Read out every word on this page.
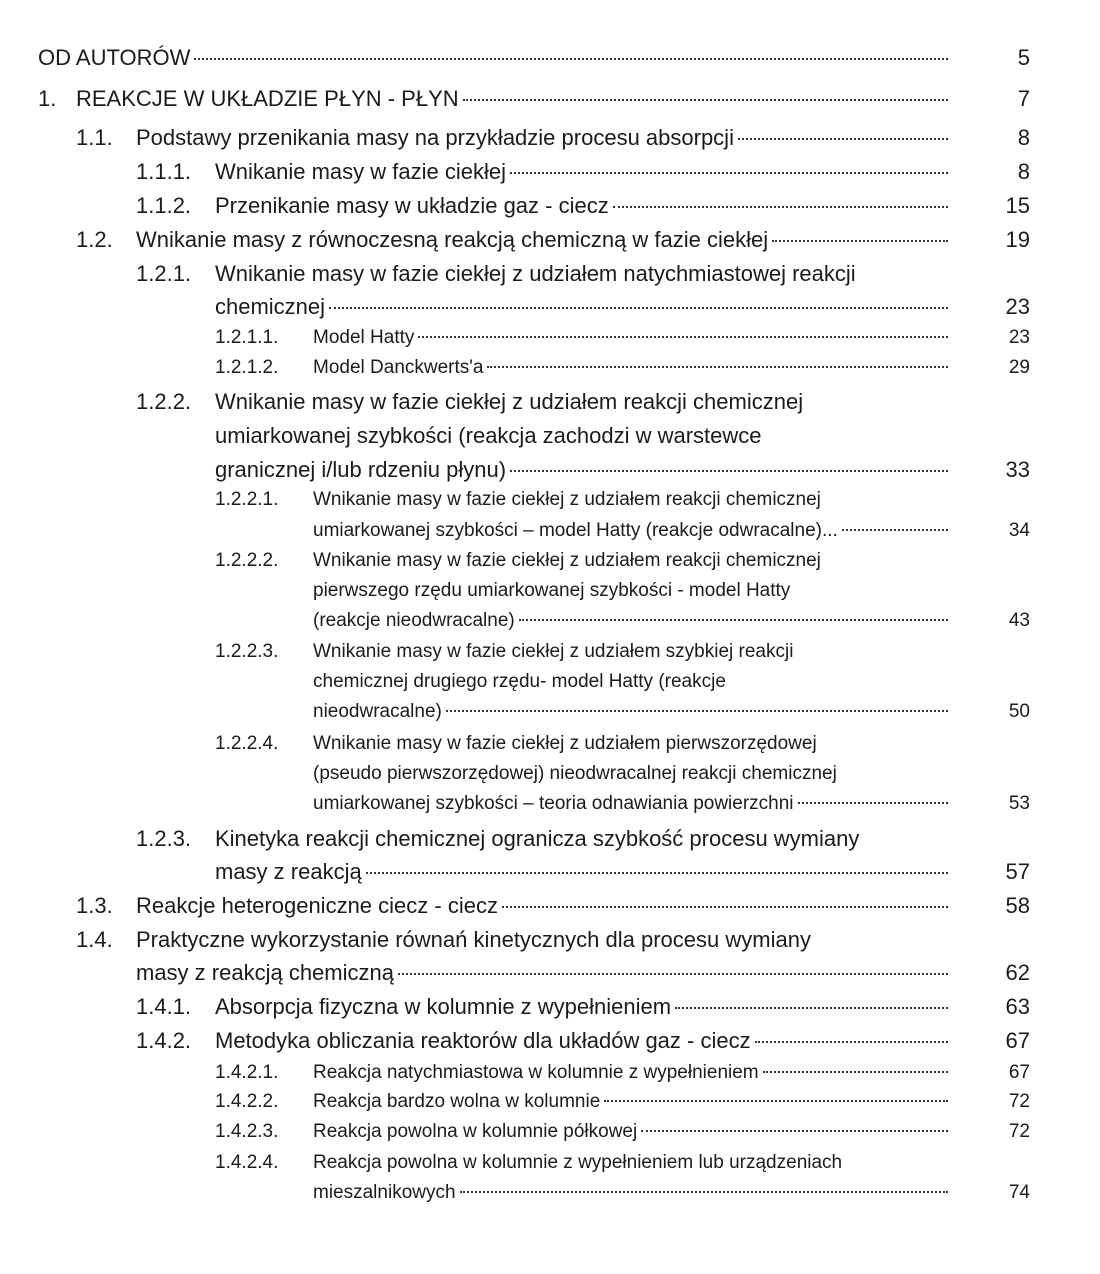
OD AUTORÓW	5
1. REAKCJE W UKŁADZIE PŁYN - PŁYN	7
1.1. Podstawy przenikania masy na przykładzie procesu absorpcji	8
1.1.1. Wnikanie masy w fazie ciekłej	8
1.1.2. Przenikanie masy w układzie gaz - ciecz	15
1.2. Wnikanie masy z równoczesną reakcją chemiczną w fazie ciekłej	19
1.2.1. Wnikanie masy w fazie ciekłej z udziałem natychmiastowej reakcji
chemicznej	23
1.2.1.1. Model Hatty	23
1.2.1.2. Model Danckwerts'a	29
1.2.2. Wnikanie masy w fazie ciekłej z udziałem reakcji chemicznej
umiarkowanej szybkości (reakcja zachodzi w warstewce
granicznej i/lub rdzeniu płynu)	33
1.2.2.1. Wnikanie masy w fazie ciekłej z udziałem reakcji chemicznej
umiarkowanej szybkości – model Hatty (reakcje odwracalne)...	34
1.2.2.2. Wnikanie masy w fazie ciekłej z udziałem reakcji chemicznej
pierwszego rzędu umiarkowanej szybkości - model Hatty
(reakcje nieodwracalne)	43
1.2.2.3. Wnikanie masy w fazie ciekłej z udziałem szybkiej reakcji
chemicznej drugiego rzędu- model Hatty (reakcje
nieodwracalne)	50
1.2.2.4. Wnikanie masy w fazie ciekłej z udziałem pierwszorzędowej
(pseudo pierwszorzędowej) nieodwracalnej reakcji chemicznej
umiarkowanej szybkości – teoria odnawiania powierzchni	53
1.2.3. Kinetyka reakcji chemicznej ogranicza szybkość procesu wymiany
masy z reakcją	57
1.3. Reakcje heterogeniczne ciecz - ciecz	58
1.4. Praktyczne wykorzystanie równań kinetycznych dla procesu wymiany
masy z reakcją chemiczną	62
1.4.1. Absorpcja fizyczna w kolumnie z wypełnieniem	63
1.4.2. Metodyka obliczania reaktorów dla układów gaz - ciecz	67
1.4.2.1. Reakcja natychmiastowa w kolumnie z wypełnieniem	67
1.4.2.2. Reakcja bardzo wolna w kolumnie	72
1.4.2.3. Reakcja powolna w kolumnie półkowej	72
1.4.2.4. Reakcja powolna w kolumnie z wypełnieniem lub urządzeniach
mieszalnikowych	74
